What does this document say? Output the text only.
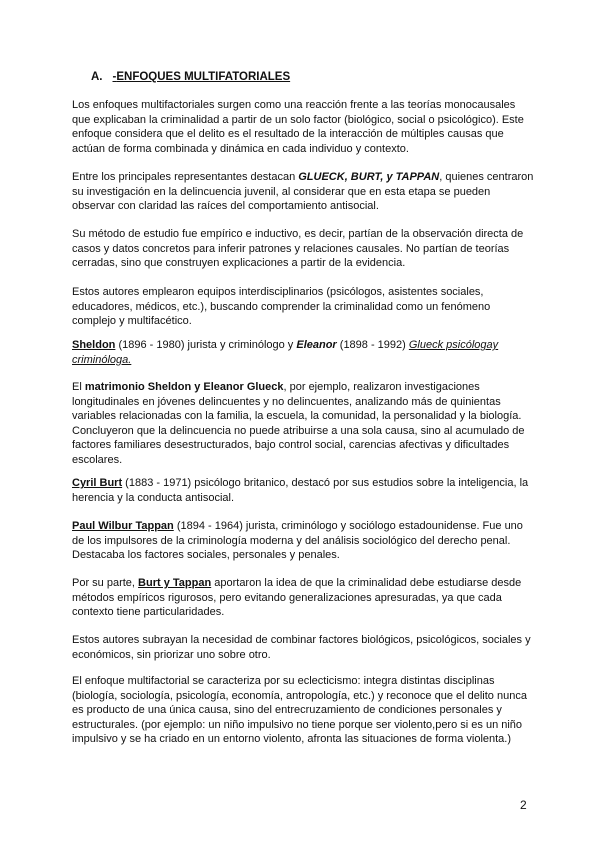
A. -ENFOQUES MULTIFATORIALES

Los enfoques multifactoriales surgen como una reacción frente a las teorías monocausales que explicaban la criminalidad a partir de un solo factor (biológico, social o psicológico). Este enfoque considera que el delito es el resultado de la interacción de múltiples causas que actúan de forma combinada y dinámica en cada individuo y contexto.

Entre los principales representantes destacan GLUECK, BURT, y TAPPAN, quienes centraron su investigación en la delincuencia juvenil, al considerar que en esta etapa se pueden observar con claridad las raíces del comportamiento antisocial.

Su método de estudio fue empírico e inductivo, es decir, partían de la observación directa de casos y datos concretos para inferir patrones y relaciones causales. No partían de teorías cerradas, sino que construyen explicaciones a partir de la evidencia.

Estos autores emplearon equipos interdisciplinarios (psicólogos, asistentes sociales, educadores, médicos, etc.), buscando comprender la criminalidad como un fenómeno complejo y multifacético.

Sheldon (1896 - 1980) jurista y criminólogo y Eleanor (1898 - 1992) Glueck psicólogay criminóloga.

El matrimonio Sheldon y Eleanor Glueck, por ejemplo, realizaron investigaciones longitudinales en jóvenes delincuentes y no delincuentes, analizando más de quinientas variables relacionadas con la familia, la escuela, la comunidad, la personalidad y la biología. Concluyeron que la delincuencia no puede atribuirse a una sola causa, sino al acumulado de factores familiares desestructurados, bajo control social, carencias afectivas y dificultades escolares.

Cyril Burt (1883 - 1971) psicólogo britanico, destacó por sus estudios sobre la inteligencia, la herencia y la conducta antisocial.

Paul Wilbur Tappan (1894 - 1964) jurista, criminólogo y sociólogo estadounidense. Fue uno de los impulsores de la criminología moderna y del análisis sociológico del derecho penal. Destacaba los factores sociales, personales y penales.

Por su parte, Burt y Tappan aportaron la idea de que la criminalidad debe estudiarse desde métodos empíricos rigurosos, pero evitando generalizaciones apresuradas, ya que cada contexto tiene particularidades.

Estos autores subrayan la necesidad de combinar factores biológicos, psicológicos, sociales y económicos, sin priorizar uno sobre otro.

El enfoque multifactorial se caracteriza por su eclecticismo: integra distintas disciplinas (biología, sociología, psicología, economía, antropología, etc.) y reconoce que el delito nunca es producto de una única causa, sino del entrecruzamiento de condiciones personales y estructurales. (por ejemplo: un niño impulsivo no tiene porque ser violento,pero si es un niño impulsivo y se ha criado en un entorno violento, afronta las situaciones de forma violenta.)

2
